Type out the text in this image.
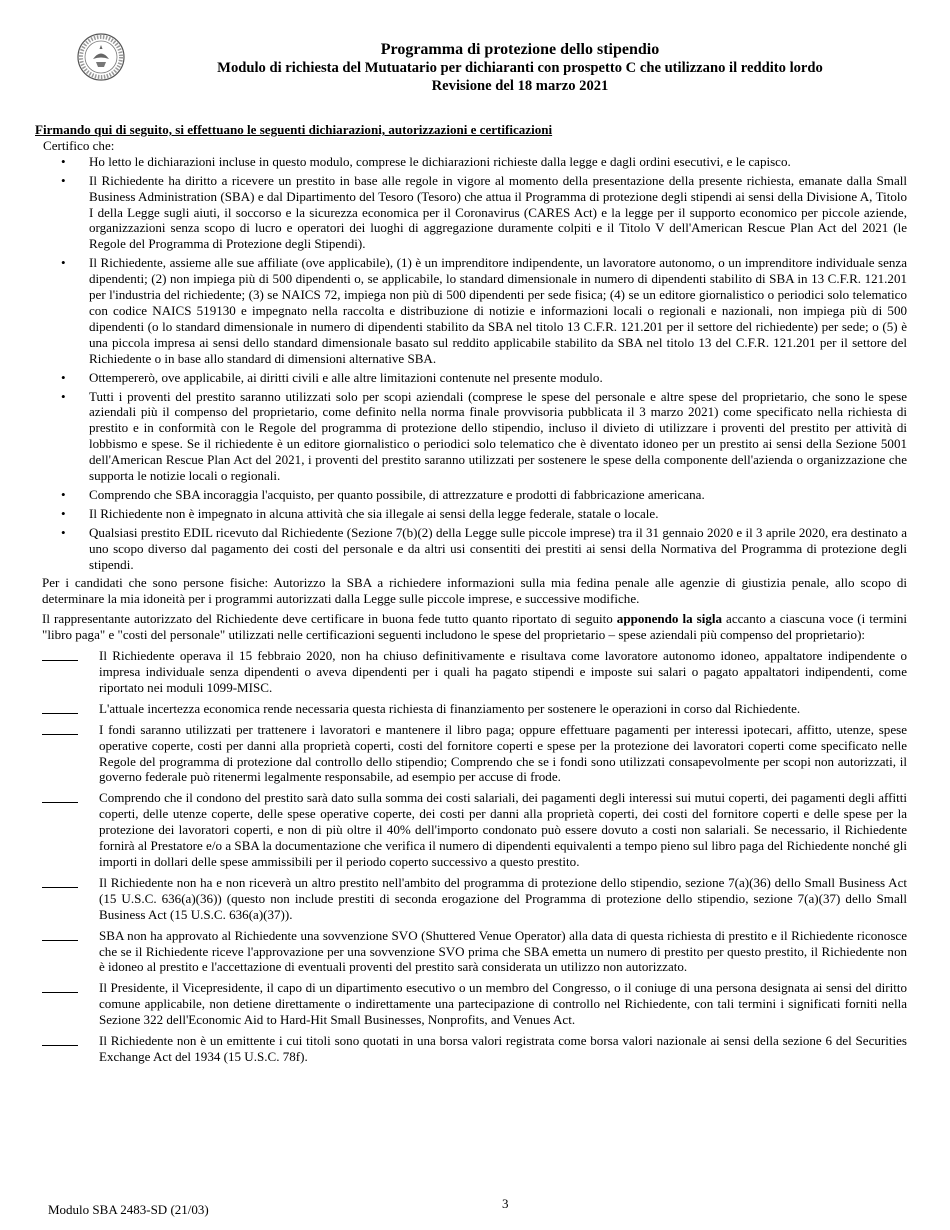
Programma di protezione dello stipendio
Modulo di richiesta del Mutuatario per dichiaranti con prospetto C che utilizzano il reddito lordo
Revisione del 18 marzo 2021
Firmando qui di seguito, si effettuano le seguenti dichiarazioni, autorizzazioni e certificazioni
Certifico che:
• Ho letto le dichiarazioni incluse in questo modulo, comprese le dichiarazioni richieste dalla legge e dagli ordini esecutivi, e le capisco.
• Il Richiedente ha diritto a ricevere un prestito in base alle regole in vigore al momento della presentazione della presente richiesta, emanate dalla Small Business Administration (SBA) e dal Dipartimento del Tesoro (Tesoro) che attua il Programma di protezione degli stipendi ai sensi della Divisione A, Titolo I della Legge sugli aiuti, il soccorso e la sicurezza economica per il Coronavirus (CARES Act) e la legge per il supporto economico per piccole aziende, organizzazioni senza scopo di lucro e operatori dei luoghi di aggregazione duramente colpiti e il Titolo V dell'American Rescue Plan Act del 2021 (le Regole del Programma di Protezione degli Stipendi).
• Il Richiedente, assieme alle sue affiliate (ove applicabile), (1) è un imprenditore indipendente, un lavoratore autonomo, o un imprenditore individuale senza dipendenti; (2) non impiega più di 500 dipendenti o, se applicabile, lo standard dimensionale in numero di dipendenti stabilito di SBA in 13 C.F.R. 121.201 per l'industria del richiedente; (3) se NAICS 72, impiega non più di 500 dipendenti per sede fisica; (4) se un editore giornalistico o periodici solo telematico con codice NAICS 519130 e impegnato nella raccolta e distribuzione di notizie e informazioni locali o regionali e nazionali, non impiega più di 500 dipendenti (o lo standard dimensionale in numero di dipendenti stabilito da SBA nel titolo 13 C.F.R. 121.201 per il settore del richiedente) per sede; o (5) è una piccola impresa ai sensi dello standard dimensionale basato sul reddito applicabile stabilito da SBA nel titolo 13 del C.F.R. 121.201 per il settore del Richiedente o in base allo standard di dimensioni alternative SBA.
• Ottempererò, ove applicabile, ai diritti civili e alle altre limitazioni contenute nel presente modulo.
• Tutti i proventi del prestito saranno utilizzati solo per scopi aziendali (comprese le spese del personale e altre spese del proprietario, che sono le spese aziendali più il compenso del proprietario, come definito nella norma finale provvisoria pubblicata il 3 marzo 2021) come specificato nella richiesta di prestito e in conformità con le Regole del programma di protezione dello stipendio, incluso il divieto di utilizzare i proventi del prestito per attività di lobbismo e spese. Se il richiedente è un editore giornalistico o periodici solo telematico che è diventato idoneo per un prestito ai sensi della Sezione 5001 dell'American Rescue Plan Act del 2021, i proventi del prestito saranno utilizzati per sostenere le spese della componente dell'azienda o organizzazione che supporta le notizie locali o regionali.
• Comprendo che SBA incoraggia l'acquisto, per quanto possibile, di attrezzature e prodotti di fabbricazione americana.
• Il Richiedente non è impegnato in alcuna attività che sia illegale ai sensi della legge federale, statale o locale.
• Qualsiasi prestito EDIL ricevuto dal Richiedente (Sezione 7(b)(2) della Legge sulle piccole imprese) tra il 31 gennaio 2020 e il 3 aprile 2020, era destinato a uno scopo diverso dal pagamento dei costi del personale e da altri usi consentiti dei prestiti ai sensi della Normativa del Programma di protezione degli stipendi.

Per i candidati che sono persone fisiche: Autorizzo la SBA a richiedere informazioni sulla mia fedina penale alle agenzie di giustizia penale, allo scopo di determinare la mia idoneità per i programmi autorizzati dalla Legge sulle piccole imprese, e successive modifiche.

Il rappresentante autorizzato del Richiedente deve certificare in buona fede tutto quanto riportato di seguito apponendo la sigla accanto a ciascuna voce (i termini "libro paga" e "costi del personale" utilizzati nelle certificazioni seguenti includono le spese del proprietario – spese aziendali più compenso del proprietario):

Il Richiedente operava il 15 febbraio 2020, non ha chiuso definitivamente e risultava come lavoratore autonomo idoneo, appaltatore indipendente o impresa individuale senza dipendenti o aveva dipendenti per i quali ha pagato stipendi e imposte sui salari o pagato appaltatori indipendenti, come riportato nei moduli 1099-MISC.
L'attuale incertezza economica rende necessaria questa richiesta di finanziamento per sostenere le operazioni in corso dal Richiedente.
I fondi saranno utilizzati per trattenere i lavoratori e mantenere il libro paga; oppure effettuare pagamenti per interessi ipotecari, affitto, utenze, spese operative coperte, costi per danni alla proprietà coperti, costi del fornitore coperti e spese per la protezione dei lavoratori coperti come specificato nelle Regole del programma di protezione dal controllo dello stipendio; Comprendo che se i fondi sono utilizzati consapevolmente per scopi non autorizzati, il governo federale può ritenermi legalmente responsabile, ad esempio per accuse di frode.
Comprendo che il condono del prestito sarà dato sulla somma dei costi salariali, dei pagamenti degli interessi sui mutui coperti, dei pagamenti degli affitti coperti, delle utenze coperte, delle spese operative coperte, dei costi per danni alla proprietà coperti, dei costi del fornitore coperti e delle spese per la protezione dei lavoratori coperti, e non di più oltre il 40% dell'importo condonato può essere dovuto a costi non salariali. Se necessario, il Richiedente fornirà al Prestatore e/o a SBA la documentazione che verifica il numero di dipendenti equivalenti a tempo pieno sul libro paga del Richiedente nonché gli importi in dollari delle spese ammissibili per il periodo coperto successivo a questo prestito.
Il Richiedente non ha e non riceverà un altro prestito nell'ambito del programma di protezione dello stipendio, sezione 7(a)(36) dello Small Business Act (15 U.S.C. 636(a)(36)) (questo non include prestiti di seconda erogazione del Programma di protezione dello stipendio, sezione 7(a)(37) dello Small Business Act (15 U.S.C. 636(a)(37)).
SBA non ha approvato al Richiedente una sovvenzione SVO (Shuttered Venue Operator) alla data di questa richiesta di prestito e il Richiedente riconosce che se il Richiedente riceve l'approvazione per una sovvenzione SVO prima che SBA emetta un numero di prestito per questo prestito, il Richiedente non è idoneo al prestito e l'accettazione di eventuali proventi del prestito sarà considerata un utilizzo non autorizzato.
Il Presidente, il Vicepresidente, il capo di un dipartimento esecutivo o un membro del Congresso, o il coniuge di una persona designata ai sensi del diritto comune applicabile, non detiene direttamente o indirettamente una partecipazione di controllo nel Richiedente, con tali termini i significati forniti nella Sezione 322 dell'Economic Aid to Hard-Hit Small Businesses, Nonprofits, and Venues Act.
Il Richiedente non è un emittente i cui titoli sono quotati in una borsa valori registrata come borsa valori nazionale ai sensi della sezione 6 del Securities Exchange Act del 1934 (15 U.S.C. 78f).
Modulo SBA 2483-SD (21/03)	3
